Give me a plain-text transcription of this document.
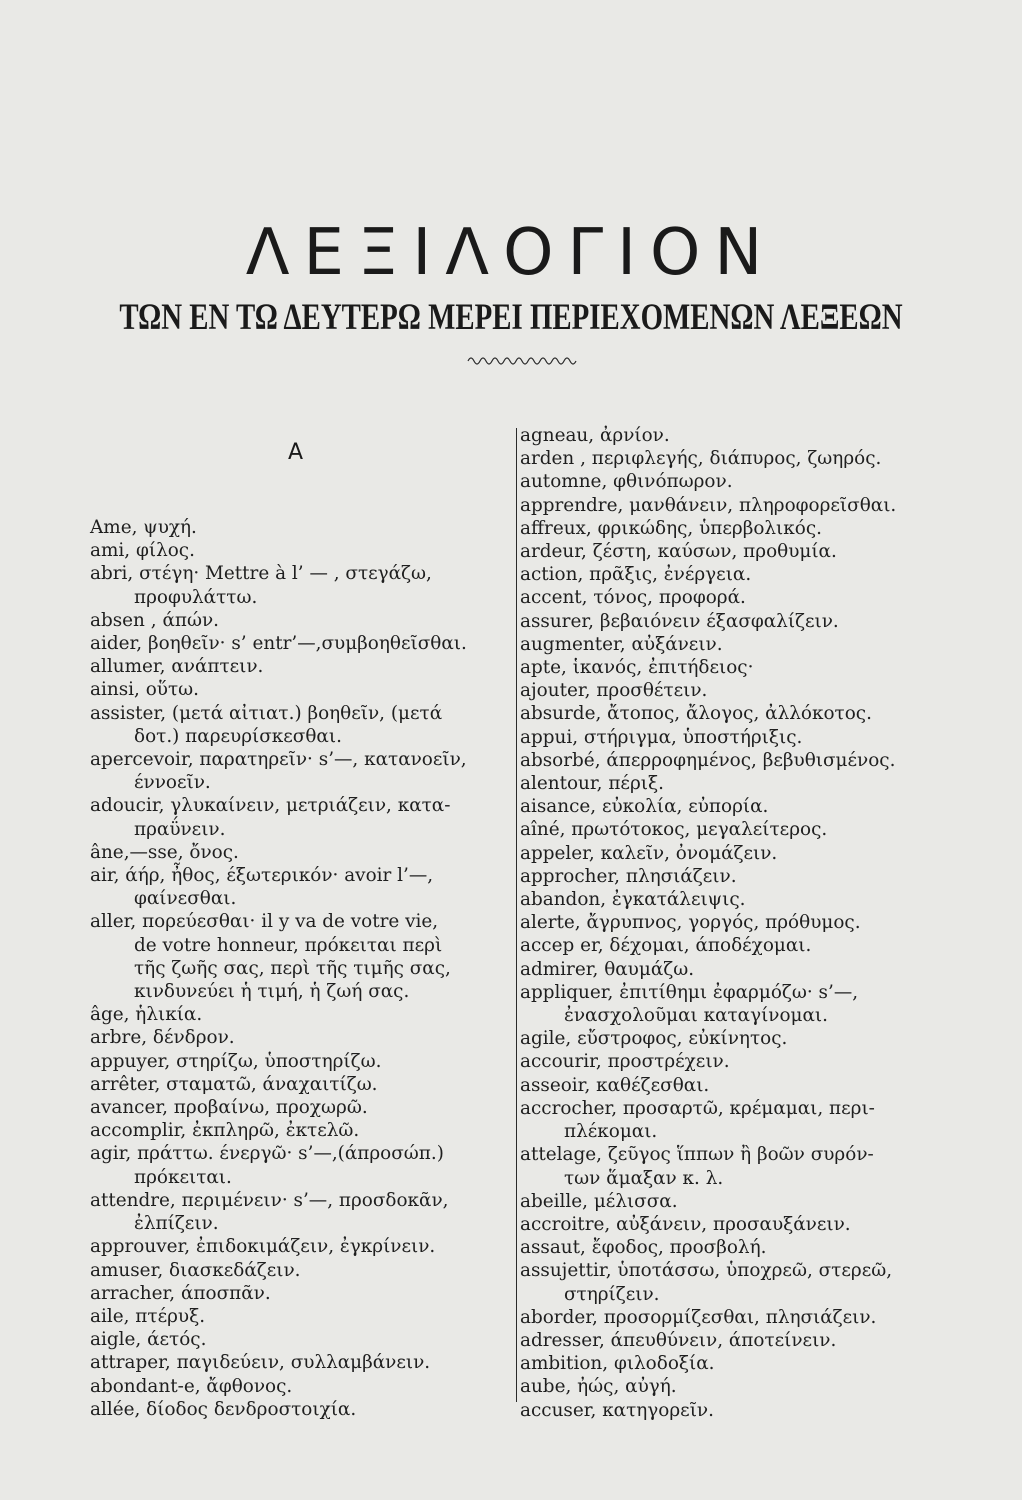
ΛΕΞΙΛΟΓΙΟΝ
ΤΩΝ ΕΝ ΤΩ ΔΕΥΤΕΡΩ ΜΕΡΕΙ ΠΕΡΙΕΧΟΜΕΝΩΝ ΛΕΞΕΩΝ
A
Ame, ψυχή.
ami, φίλος.
abri, στέγη· Mettre à l’ — , στεγάζω,
προφυλάττω.
absen , άπών.
aider, βοηθεῖν· s’ entr’—,συμβοηθεῖσθαι.
allumer, ανάπτειν.
ainsi, οὕτω.
assister, (μετά αἰτιατ.) βοηθεῖν, (μετά
δοτ.) παρευρίσκεσθαι.
apercevoir, παρατηρεῖν· s’—, κατανοεῖν,
έννοεῖν.
adoucir, γλυκαίνειν, μετριάζειν, κατα-
πραΰνειν.
âne,—sse, ὄνος.
air, άήρ, ἦθος, έξωτερικόν· avoir l’—,
φαίνεσθαι.
aller, πορεύεσθαι· il y va de votre vie,
de votre honneur, πρόκειται περὶ
τῆς ζωῆς σας, περὶ τῆς τιμῆς σας,
κινδυνεύει ἡ τιμή, ἡ ζωή σας.
âge, ἡλικία.
arbre, δένδρον.
appuyer, στηρίζω, ὑποστηρίζω.
arrêter, σταματῶ, άναχαιτίζω.
avancer, προβαίνω, προχωρῶ.
accomplir, ἐκπληρῶ, ἐκτελῶ.
agir, πράττω. ένεργῶ· s’—,(άπροσώπ.)
πρόκειται.
attendre, περιμένειν· s’—, προσδοκᾶν,
ἐλπίζειν.
approuver, ἐπιδοκιμάζειν, ἐγκρίνειν.
amuser, διασκεδάζειν.
arracher, άποσπᾶν.
aile, πτέρυξ.
aigle, άετός.
attraper, παγιδεύειν, συλλαμβάνειν.
abondant-e, ἄφθονος.
allée, δίοδος δενδροστοιχία.
agneau, ἀρνίον.
arden , περιφλεγής, διάπυρος, ζωηρός.
automne, φθινόπωρον.
apprendre, μανθάνειν, πληροφορεῖσθαι.
affreux, φρικώδης, ὑπερβολικός.
ardeur, ζέστη, καύσων, προθυμία.
action, πρᾶξις, ἐνέργεια.
accent, τόνος, προφορά.
assurer, βεβαιόνειν έξασφαλίζειν.
augmenter, αὐξάνειν.
apte, ἱκανός, ἐπιτήδειος·
ajouter, προσθέτειν.
absurde, ἄτοπος, ἄλογος, ἀλλόκοτος.
appui, στήριγμα, ὑποστήριξις.
absorbé, άπερροφημένος, βεβυθισμένος.
alentour, πέριξ.
aisance, εὐκολία, εὐπορία.
aîné, πρωτότοκος, μεγαλείτερος.
appeler, καλεῖν, ὀνομάζειν.
approcher, πλησιάζειν.
abandon, ἐγκατάλειψις.
alerte, ἄγρυπνος, γοργός, πρόθυμος.
accep er, δέχομαι, άποδέχομαι.
admirer, θαυμάζω.
appliquer, ἐπιτίθημι ἐφαρμόζω· s’—,
ἐνασχολοῦμαι καταγίνομαι.
agile, εὔστροφος, εὐκίνητος.
accourir, προστρέχειν.
asseoir, καθέζεσθαι.
accrocher, προσαρτῶ, κρέμαμαι, περι-
πλέκομαι.
attelage, ζεῦγος ἵππων ἢ βοῶν συρόν-
των ἅμαξαν κ. λ.
abeille, μέλισσα.
accroitre, αὐξάνειν, προσαυξάνειν.
assaut, ἔφοδος, προσβολή.
assujettir, ὑποτάσσω, ὑποχρεῶ, στερεῶ,
στηρίζειν.
aborder, προσορμίζεσθαι, πλησιάζειν.
adresser, άπευθύνειν, άποτείνειν.
ambition, φιλοδοξία.
aube, ἠώς, αὐγή.
accuser, κατηγορεῖν.
